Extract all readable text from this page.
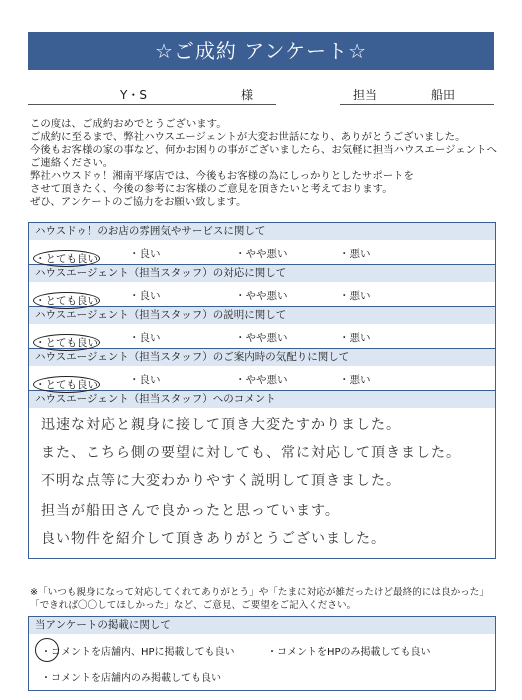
☆ご成約 アンケート☆
Y・S	様	担当	船田
この度は、ご成約おめでとうございます。
ご成約に至るまで、弊社ハウスエージェントが大変お世話になり、ありがとうございました。
今後もお客様の家の事など、何かお困りの事がございましたら、お気軽に担当ハウスエージェントへ
ご連絡ください。
弊社ハウスドゥ！湘南平塚店では、今後もお客様の為にしっかりとしたサポートを
させて頂きたく、今後の参考にお客様のご意見を頂きたいと考えております。
ぜひ、アンケートのご協力をお願い致します。
ハウスドゥ！のお店の雰囲気やサービスに関して
・とても良い	・良い	・やや悪い	・悪い
ハウスエージェント（担当スタッフ）の対応に関して
・とても良い	・良い	・やや悪い	・悪い
ハウスエージェント（担当スタッフ）の説明に関して
・とても良い	・良い	・やや悪い	・悪い
ハウスエージェント（担当スタッフ）のご案内時の気配りに関して
・とても良い	・良い	・やや悪い	・悪い
ハウスエージェント（担当スタッフ）へのコメント
迅速な対応と親身に接して頂き大変たすかりました。
また、こちら側の要望に対しても、常に対応して頂きました。
不明な点等に大変わかりやすく説明して頂きました。
担当が船田さんで良かったと思っています。
良い物件を紹介して頂きありがとうございました。
※「いつも親身になって対応してくれてありがとう」や「たまに対応が雑だったけど最終的には良かった」
「できれば〇〇してほしかった」など、ご意見、ご要望をご記入ください。
当アンケートの掲載に関して
・コメントを店舗内、HPに掲載しても良い	・コメントをHPのみ掲載しても良い
・コメントを店舗内のみ掲載しても良い
